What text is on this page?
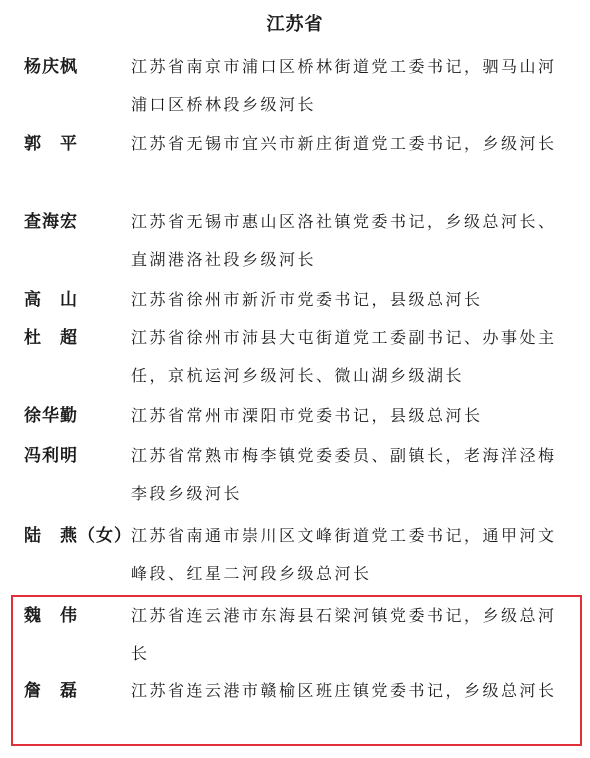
江苏省
杨庆枫	江苏省南京市浦口区桥林街道党工委书记，驷马山河浦口区桥林段乡级河长
郭　平	江苏省无锡市宜兴市新庄街道党工委书记，乡级河长
查海宏	江苏省无锡市惠山区洛社镇党委书记，乡级总河长、直湖港洛社段乡级河长
高　山	江苏省徐州市新沂市党委书记，县级总河长
杜　超	江苏省徐州市沛县大屯街道党工委副书记、办事处主任，京杭运河乡级河长、微山湖乡级湖长
徐华勤	江苏省常州市溧阳市党委书记，县级总河长
冯利明	江苏省常熟市梅李镇党委委员、副镇长，老海洋泾梅李段乡级河长
陆　燕（女） 江苏省南通市崇川区文峰街道党工委书记，通甲河文峰段、红星二河段乡级总河长
魏　伟	江苏省连云港市东海县石梁河镇党委书记，乡级总河长
詹　磊	江苏省连云港市赣榆区班庄镇党委书记，乡级总河长
